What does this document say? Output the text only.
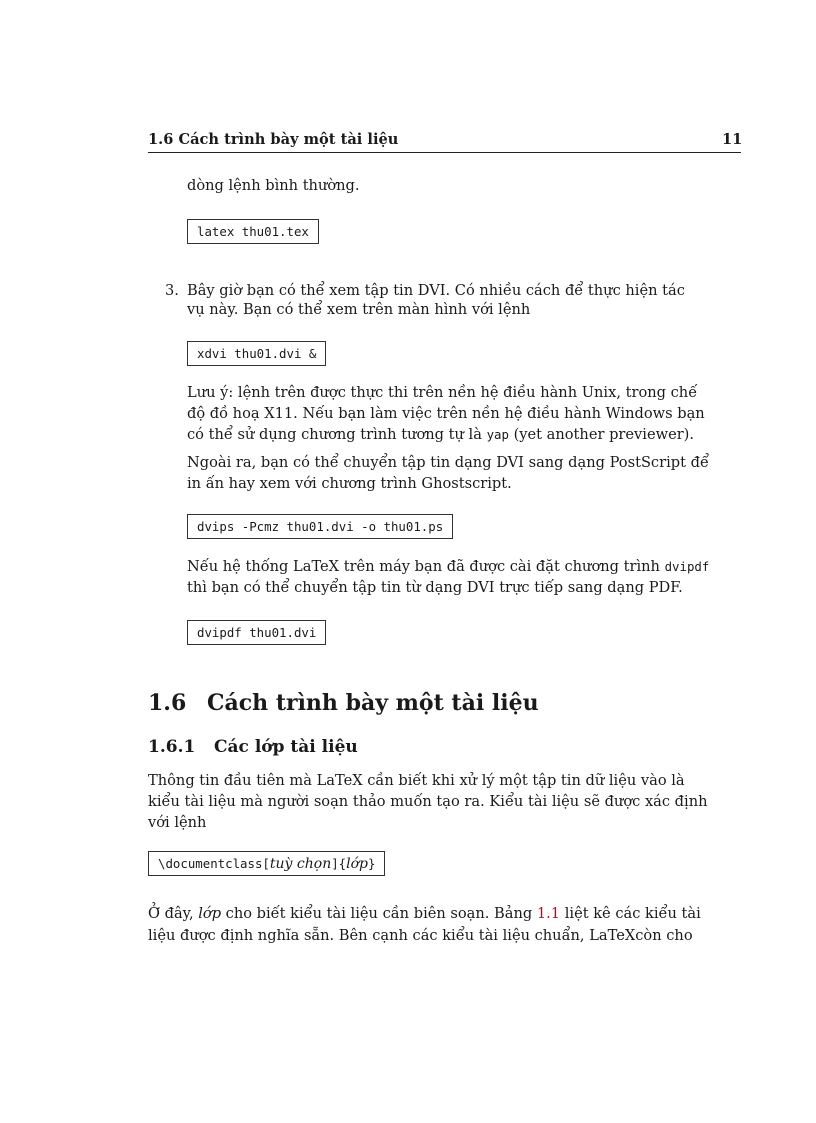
1.6 Cách trình bày một tài liệu	11
dòng lệnh bình thường.
latex thu01.tex
3. Bây giờ bạn có thể xem tập tin DVI. Có nhiều cách để thực hiện tác
vụ này. Bạn có thể xem trên màn hình với lệnh
xdvi thu01.dvi &
Lưu ý: lệnh trên được thực thi trên nền hệ điều hành Unix, trong chế
độ đồ hoạ X11. Nếu bạn làm việc trên nền hệ điều hành Windows bạn
có thể sử dụng chương trình tương tự là yap (yet another previewer).
Ngoài ra, bạn có thể chuyển tập tin dạng DVI sang dạng PostScript để
in ấn hay xem với chương trình Ghostscript.
dvips -Pcmz thu01.dvi -o thu01.ps
Nếu hệ thống LaTeX trên máy bạn đã được cài đặt chương trình dvipdf
thì bạn có thể chuyển tập tin từ dạng DVI trực tiếp sang dạng PDF.
dvipdf thu01.dvi
1.6 Cách trình bày một tài liệu
1.6.1 Các lớp tài liệu
Thông tin đầu tiên mà LaTeX cần biết khi xử lý một tập tin dữ liệu vào là
kiểu tài liệu mà người soạn thảo muốn tạo ra. Kiểu tài liệu sẽ được xác định
với lệnh
\documentclass[tuỳ chọn]{lớp}
Ở đây, lớp cho biết kiểu tài liệu cần biên soạn. Bảng 1.1 liệt kê các kiểu tài
liệu được định nghĩa sẵn. Bên cạnh các kiểu tài liệu chuẩn, LaTeXcòn cho
